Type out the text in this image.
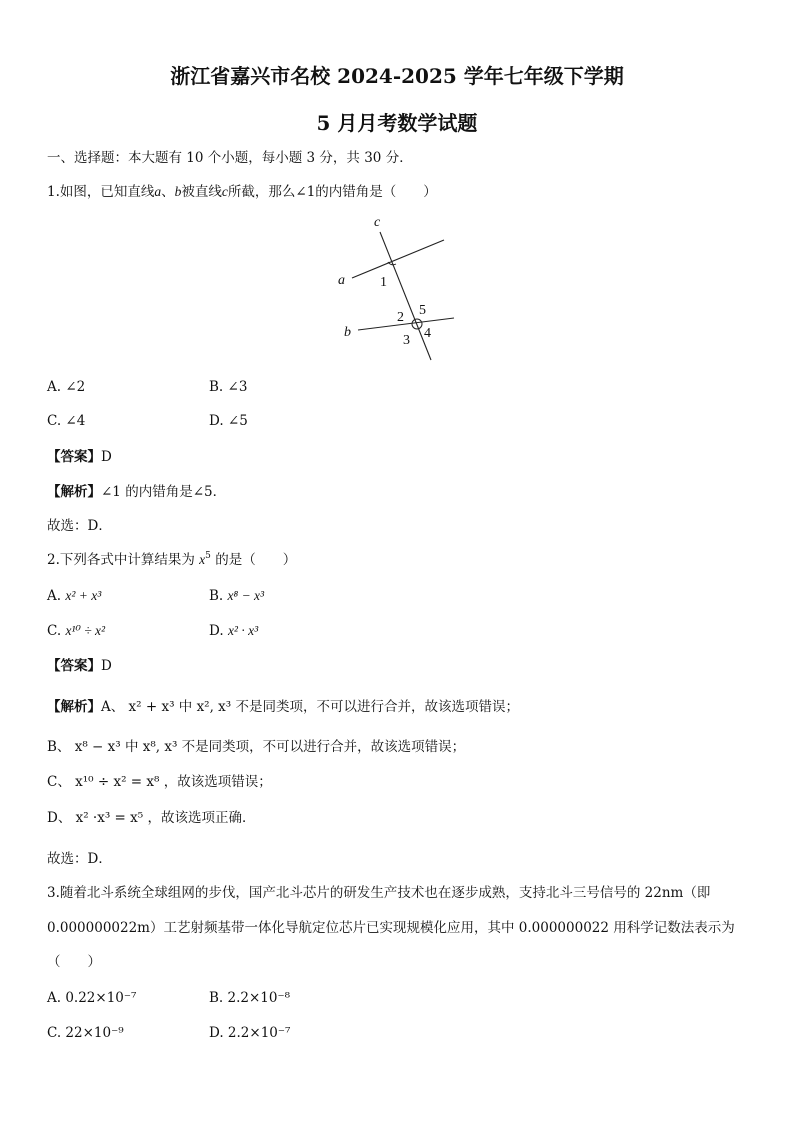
浙江省嘉兴市名校 2024-2025 学年七年级下学期
5 月月考数学试题
一、选择题：本大题有 10 个小题，每小题 3 分，共 30 分．
1.如图，已知直线a、b被直线c所截，那么∠1的内错角是（　　）
c
a
b
1
2
3 4
5
A. ∠2	B. ∠3
C. ∠4	D. ∠5
【答案】D
【解析】∠1 的内错角是∠5．
故选：D．
2.下列各式中计算结果为 $x^5$ 的是（　　）
A. x² + x³	B. x⁸ − x³
C. x¹⁰ ÷ x²	D. x² · x³
【答案】D
【解析】A、 x² + x³ 中 x², x³ 不是同类项，不可以进行合并，故该选项错误；
B、 x⁸ − x³ 中 x⁸, x³ 不是同类项，不可以进行合并，故该选项错误；
C、 x¹⁰ ÷ x² = x⁸ ，故该选项错误；
D、 x² ·x³ = x⁵ ，故该选项正确．
故选：D．
3.随着北斗系统全球组网的步伐，国产北斗芯片的研发生产技术也在逐步成熟，支持北斗三号信号的 22nm（即
0.000000022m）工艺射频基带一体化导航定位芯片已实现规模化应用，其中 0.000000022 用科学记数法表示为
（　　）
A. 0.22×10⁻⁷	B. 2.2×10⁻⁸
C. 22×10⁻⁹	D. 2.2×10⁻⁷
